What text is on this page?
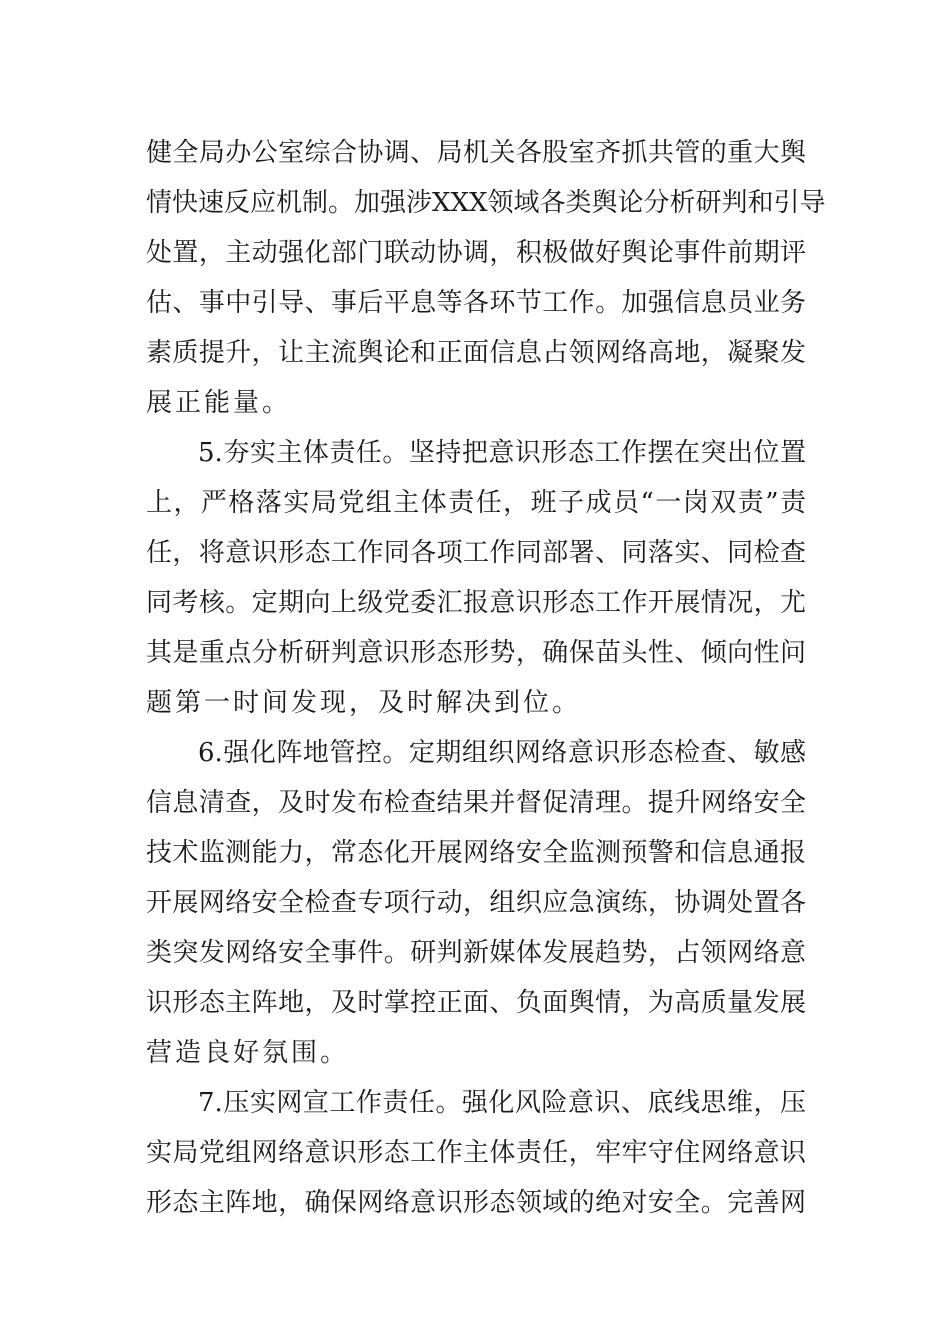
健全局办公室综合协调、局机关各股室齐抓共管的重大舆
情快速反应机制。加强涉XXX领域各类舆论分析研判和引导
处置，主动强化部门联动协调，积极做好舆论事件前期评
估、事中引导、事后平息等各环节工作。加强信息员业务
素质提升，让主流舆论和正面信息占领网络高地，凝聚发
展正能量。
5.夯实主体责任。坚持把意识形态工作摆在突出位置
上，严格落实局党组主体责任，班子成员“一岗双责”责
任，将意识形态工作同各项工作同部署、同落实、同检查
同考核。定期向上级党委汇报意识形态工作开展情况，尤
其是重点分析研判意识形态形势，确保苗头性、倾向性问
题第一时间发现，及时解决到位。
6.强化阵地管控。定期组织网络意识形态检查、敏感
信息清查，及时发布检查结果并督促清理。提升网络安全
技术监测能力，常态化开展网络安全监测预警和信息通报
开展网络安全检查专项行动，组织应急演练，协调处置各
类突发网络安全事件。研判新媒体发展趋势，占领网络意
识形态主阵地，及时掌控正面、负面舆情，为高质量发展
营造良好氛围。
7.压实网宣工作责任。强化风险意识、底线思维，压
实局党组网络意识形态工作主体责任，牢牢守住网络意识
形态主阵地，确保网络意识形态领域的绝对安全。完善网
